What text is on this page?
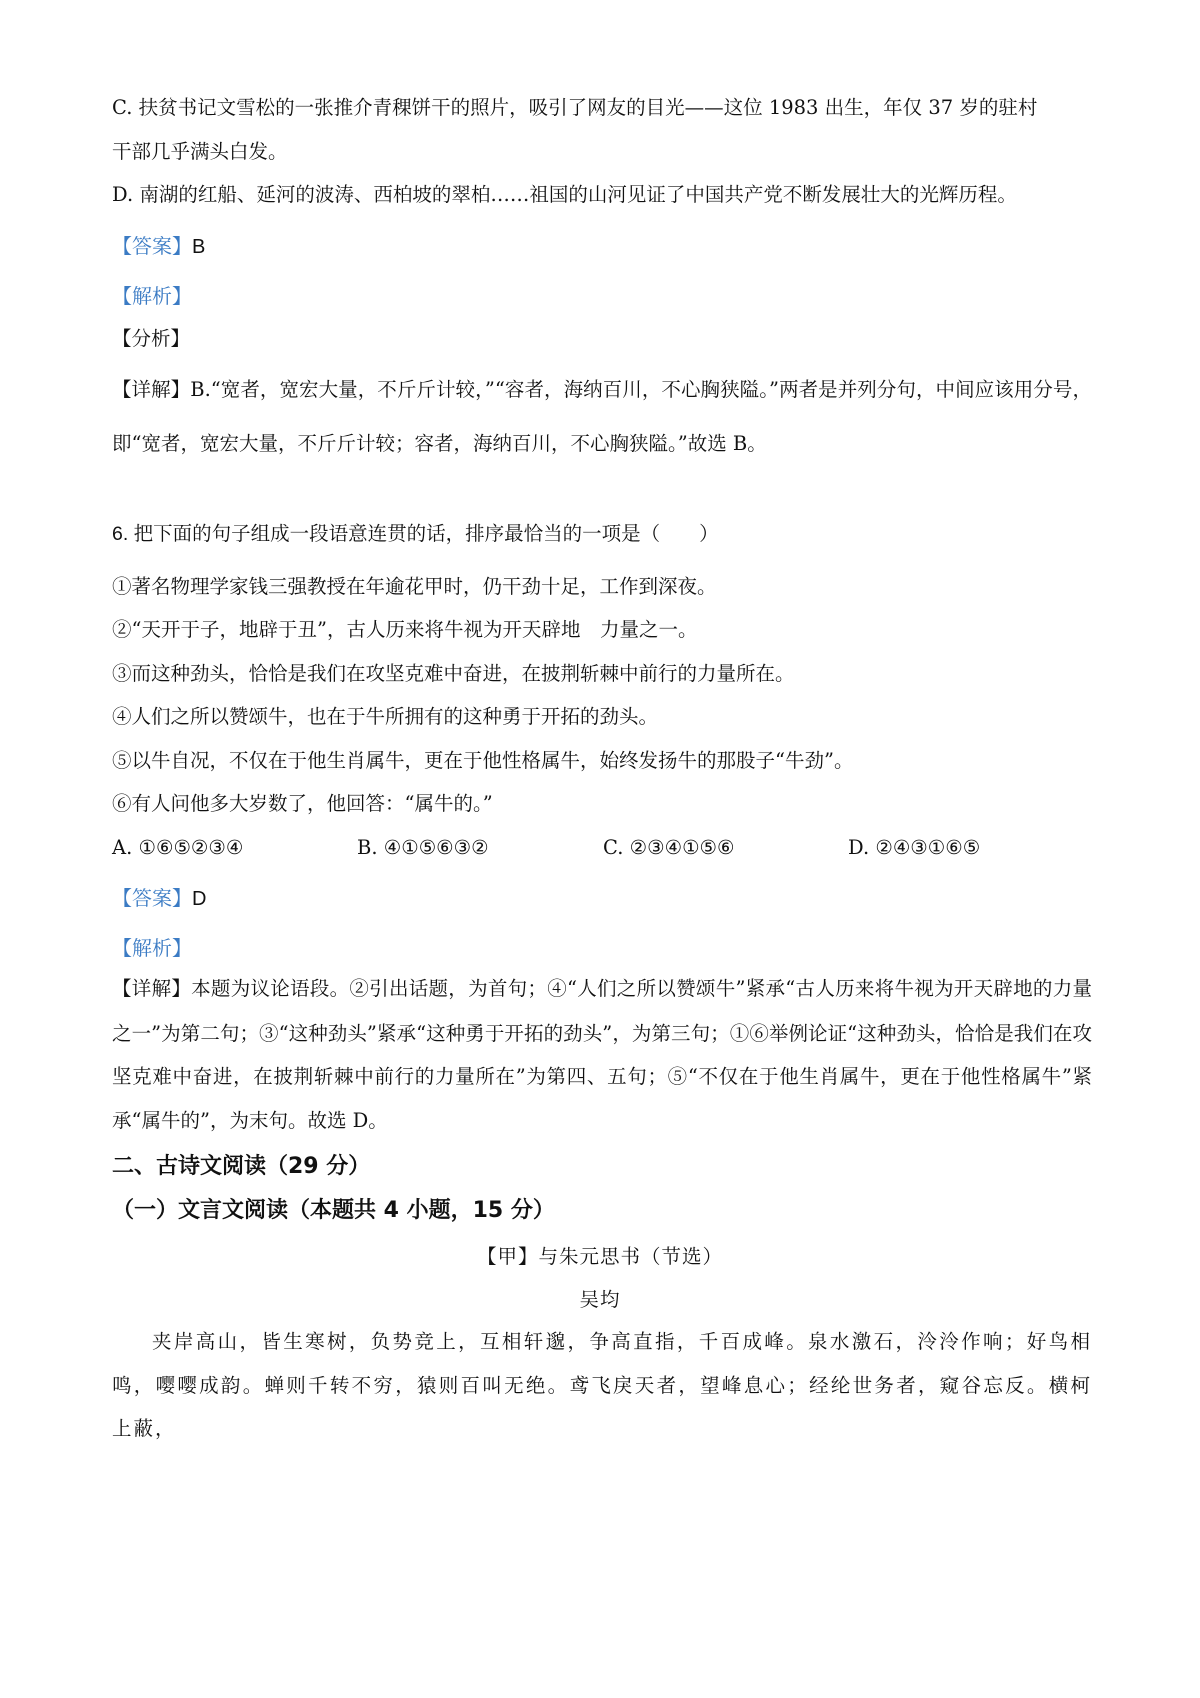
C. 扶贫书记文雪松的一张推介青稞饼干的照片，吸引了网友的目光——这位 1983 出生，年仅 37 岁的驻村
干部几乎满头白发。
D. 南湖的红船、延河的波涛、西柏坡的翠柏……祖国的山河见证了中国共产党不断发展壮大的光辉历程。
【答案】B
【解析】
【分析】
【详解】B.“宽者，宽宏大量，不斤斤计较，”“容者，海纳百川，不心胸狭隘。”两者是并列分句，中间应该用分号，即“宽者，宽宏大量，不斤斤计较；容者，海纳百川，不心胸狭隘。”故选 B。
6. 把下面的句子组成一段语意连贯的话，排序最恰当的一项是（　　）
①著名物理学家钱三强教授在年逾花甲时，仍干劲十足，工作到深夜。
②“天开于子，地辟于丑”，古人历来将牛视为开天辟地　力量之一。
③而这种劲头，恰恰是我们在攻坚克难中奋进，在披荆斩棘中前行的力量所在。
④人们之所以赞颂牛，也在于牛所拥有的这种勇于开拓的劲头。
⑤以牛自况，不仅在于他生肖属牛，更在于他性格属牛，始终发扬牛的那股子“牛劲”。
⑥有人问他多大岁数了，他回答：“属牛的。”
A. ①⑥⑤②③④	B. ④①⑤⑥③②	C. ②③④①⑤⑥	D. ②④③①⑥⑤
【答案】D
【解析】
【详解】本题为议论语段。②引出话题，为首句；④“人们之所以赞颂牛”紧承“古人历来将牛视为开天辟地的力量之一”为第二句；③“这种劲头”紧承“这种勇于开拓的劲头”，为第三句；①⑥举例论证“这种劲头，恰恰是我们在攻坚克难中奋进，在披荆斩棘中前行的力量所在”为第四、五句；⑤“不仅在于他生肖属牛，更在于他性格属牛”紧承“属牛的”，为末句。故选 D。
二、古诗文阅读（29 分）
（一）文言文阅读（本题共 4 小题，15 分）
【甲】与朱元思书（节选）
吴均
夹岸高山，皆生寒树，负势竞上，互相轩邈，争高直指，千百成峰。泉水激石，泠泠作响；好鸟相鸣，嘤嘤成韵。蝉则千转不穷，猿则百叫无绝。鸢飞戾天者，望峰息心；经纶世务者，窥谷忘反。横柯上蔽，
